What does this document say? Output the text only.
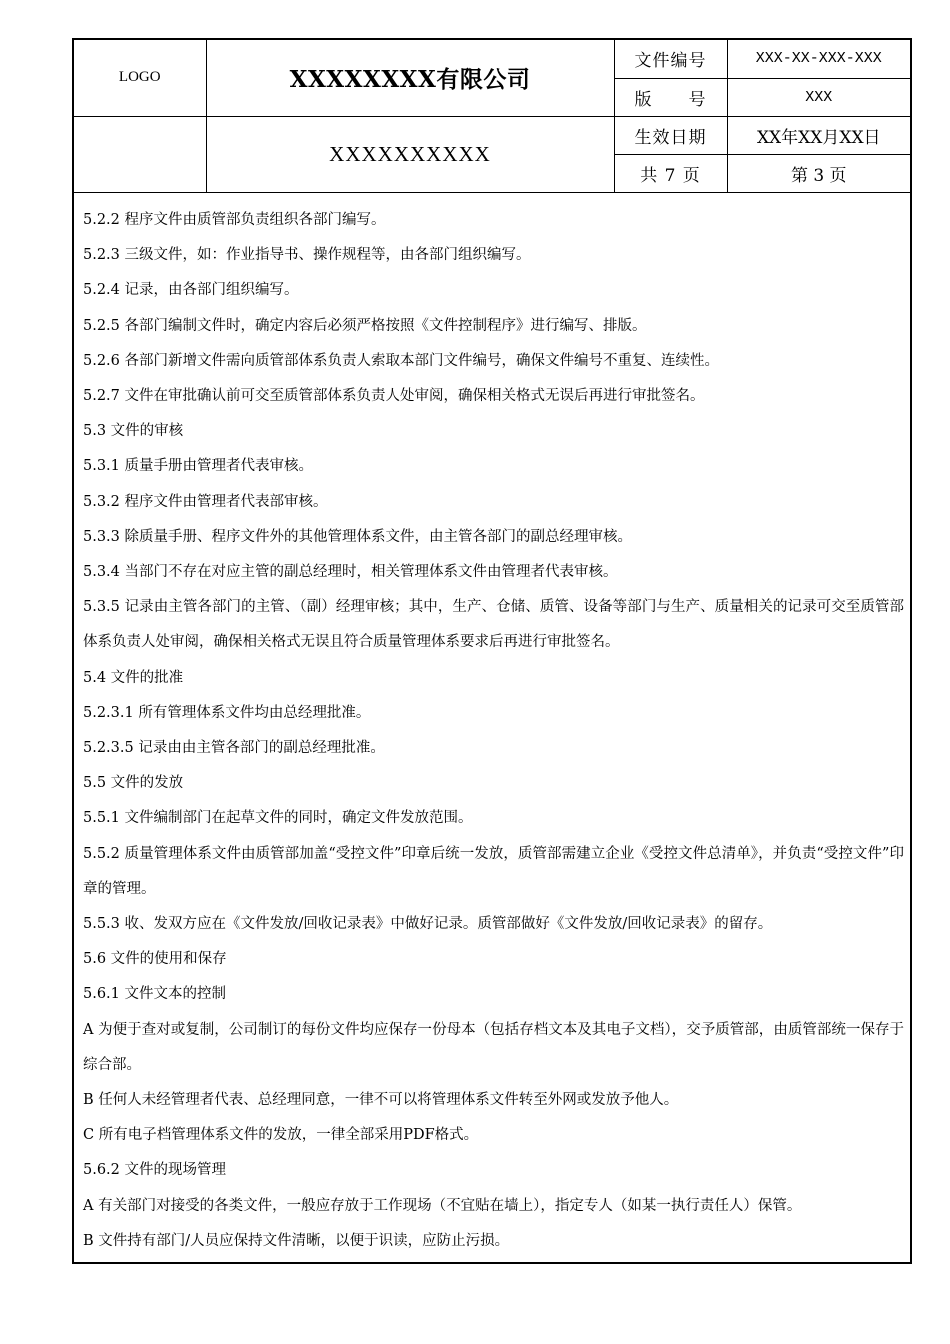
LOGO	XXXXXXXX有限公司	文件编号	XXX-XX-XXX-XXX
		版　　号	XXX
	XXXXXXXXXX	生效日期	XX年XX月XX日
		共 7 页	第 3 页

5.2.2 程序文件由质管部负责组织各部门编写。

5.2.3 三级文件，如：作业指导书、操作规程等，由各部门组织编写。

5.2.4 记录，由各部门组织编写。

5.2.5 各部门编制文件时，确定内容后必须严格按照《文件控制程序》进行编写、排版。

5.2.6 各部门新增文件需向质管部体系负责人索取本部门文件编号，确保文件编号不重复、连续性。

5.2.7 文件在审批确认前可交至质管部体系负责人处审阅，确保相关格式无误后再进行审批签名。

5.3 文件的审核

5.3.1 质量手册由管理者代表审核。

5.3.2 程序文件由管理者代表部审核。

5.3.3 除质量手册、程序文件外的其他管理体系文件，由主管各部门的副总经理审核。

5.3.4 当部门不存在对应主管的副总经理时，相关管理体系文件由管理者代表审核。

5.3.5 记录由主管各部门的主管、（副）经理审核；其中，生产、仓储、质管、设备等部门与生产、质量相关的记录可交至质管部体系负责人处审阅，确保相关格式无误且符合质量管理体系要求后再进行审批签名。

5.4 文件的批准

5.2.3.1 所有管理体系文件均由总经理批准。

5.2.3.5 记录由由主管各部门的副总经理批准。

5.5 文件的发放

5.5.1 文件编制部门在起草文件的同时，确定文件发放范围。

5.5.2 质量管理体系文件由质管部加盖“受控文件”印章后统一发放，质管部需建立企业《受控文件总清单》，并负责“受控文件”印章的管理。

5.5.3 收、发双方应在《文件发放/回收记录表》中做好记录。质管部做好《文件发放/回收记录表》的留存。

5.6 文件的使用和保存

5.6.1 文件文本的控制

A 为便于查对或复制，公司制订的每份文件均应保存一份母本（包括存档文本及其电子文档），交予质管部，由质管部统一保存于综合部。

B 任何人未经管理者代表、总经理同意，一律不可以将管理体系文件转至外网或发放予他人。

C 所有电子档管理体系文件的发放，一律全部采用PDF格式。

5.6.2 文件的现场管理

A 有关部门对接受的各类文件，一般应存放于工作现场（不宜贴在墙上），指定专人（如某一执行责任人）保管。

B 文件持有部门/人员应保持文件清晰，以便于识读，应防止污损。
